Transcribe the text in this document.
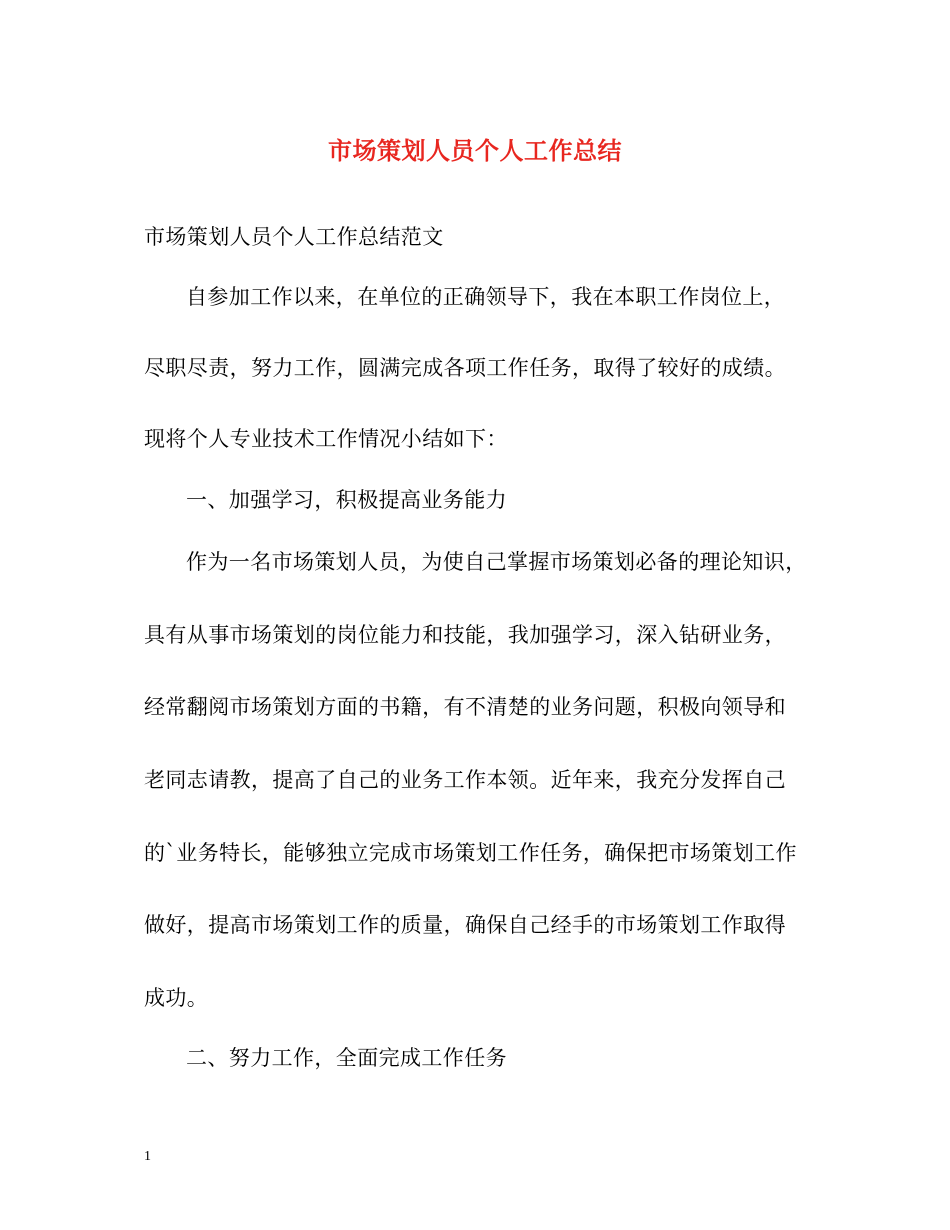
市场策划人员个人工作总结
市场策划人员个人工作总结范文
自参加工作以来，在单位的正确领导下，我在本职工作岗位上，
尽职尽责，努力工作，圆满完成各项工作任务，取得了较好的成绩。
现将个人专业技术工作情况小结如下：
一、加强学习，积极提高业务能力
作为一名市场策划人员，为使自己掌握市场策划必备的理论知识，
具有从事市场策划的岗位能力和技能，我加强学习，深入钻研业务，
经常翻阅市场策划方面的书籍，有不清楚的业务问题，积极向领导和
老同志请教，提高了自己的业务工作本领。近年来，我充分发挥自己
的`业务特长，能够独立完成市场策划工作任务，确保把市场策划工作
做好，提高市场策划工作的质量，确保自己经手的市场策划工作取得
成功。
二、努力工作，全面完成工作任务
1
